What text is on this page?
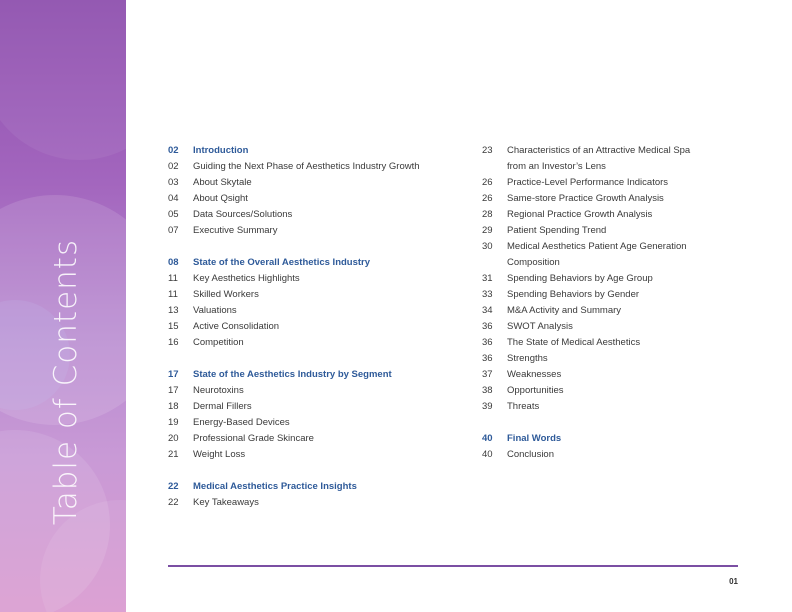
Table of Contents
02	Introduction
02	Guiding the Next Phase of Aesthetics Industry Growth
03	About Skytale
04	About Qsight
05	Data Sources/Solutions
07	Executive Summary
08	State of the Overall Aesthetics Industry
11	Key Aesthetics Highlights
11	Skilled Workers
13	Valuations
15	Active Consolidation
16	Competition
17	State of the Aesthetics Industry by Segment
17	Neurotoxins
18	Dermal Fillers
19	Energy-Based Devices
20	Professional Grade Skincare
21	Weight Loss
22	Medical Aesthetics Practice Insights
22	Key Takeaways
23	Characteristics of an Attractive Medical Spa
from an Investor’s Lens
26	Practice-Level Performance Indicators
26	Same-store Practice Growth Analysis
28	Regional Practice Growth Analysis
29	Patient Spending Trend
30	Medical Aesthetics Patient Age Generation
Composition
31	Spending Behaviors by Age Group
33	Spending Behaviors by Gender
34	M&A Activity and Summary
36	SWOT Analysis
36	The State of Medical Aesthetics
36	Strengths
37	Weaknesses
38	Opportunities
39	Threats
40	Final Words
40	Conclusion
01
